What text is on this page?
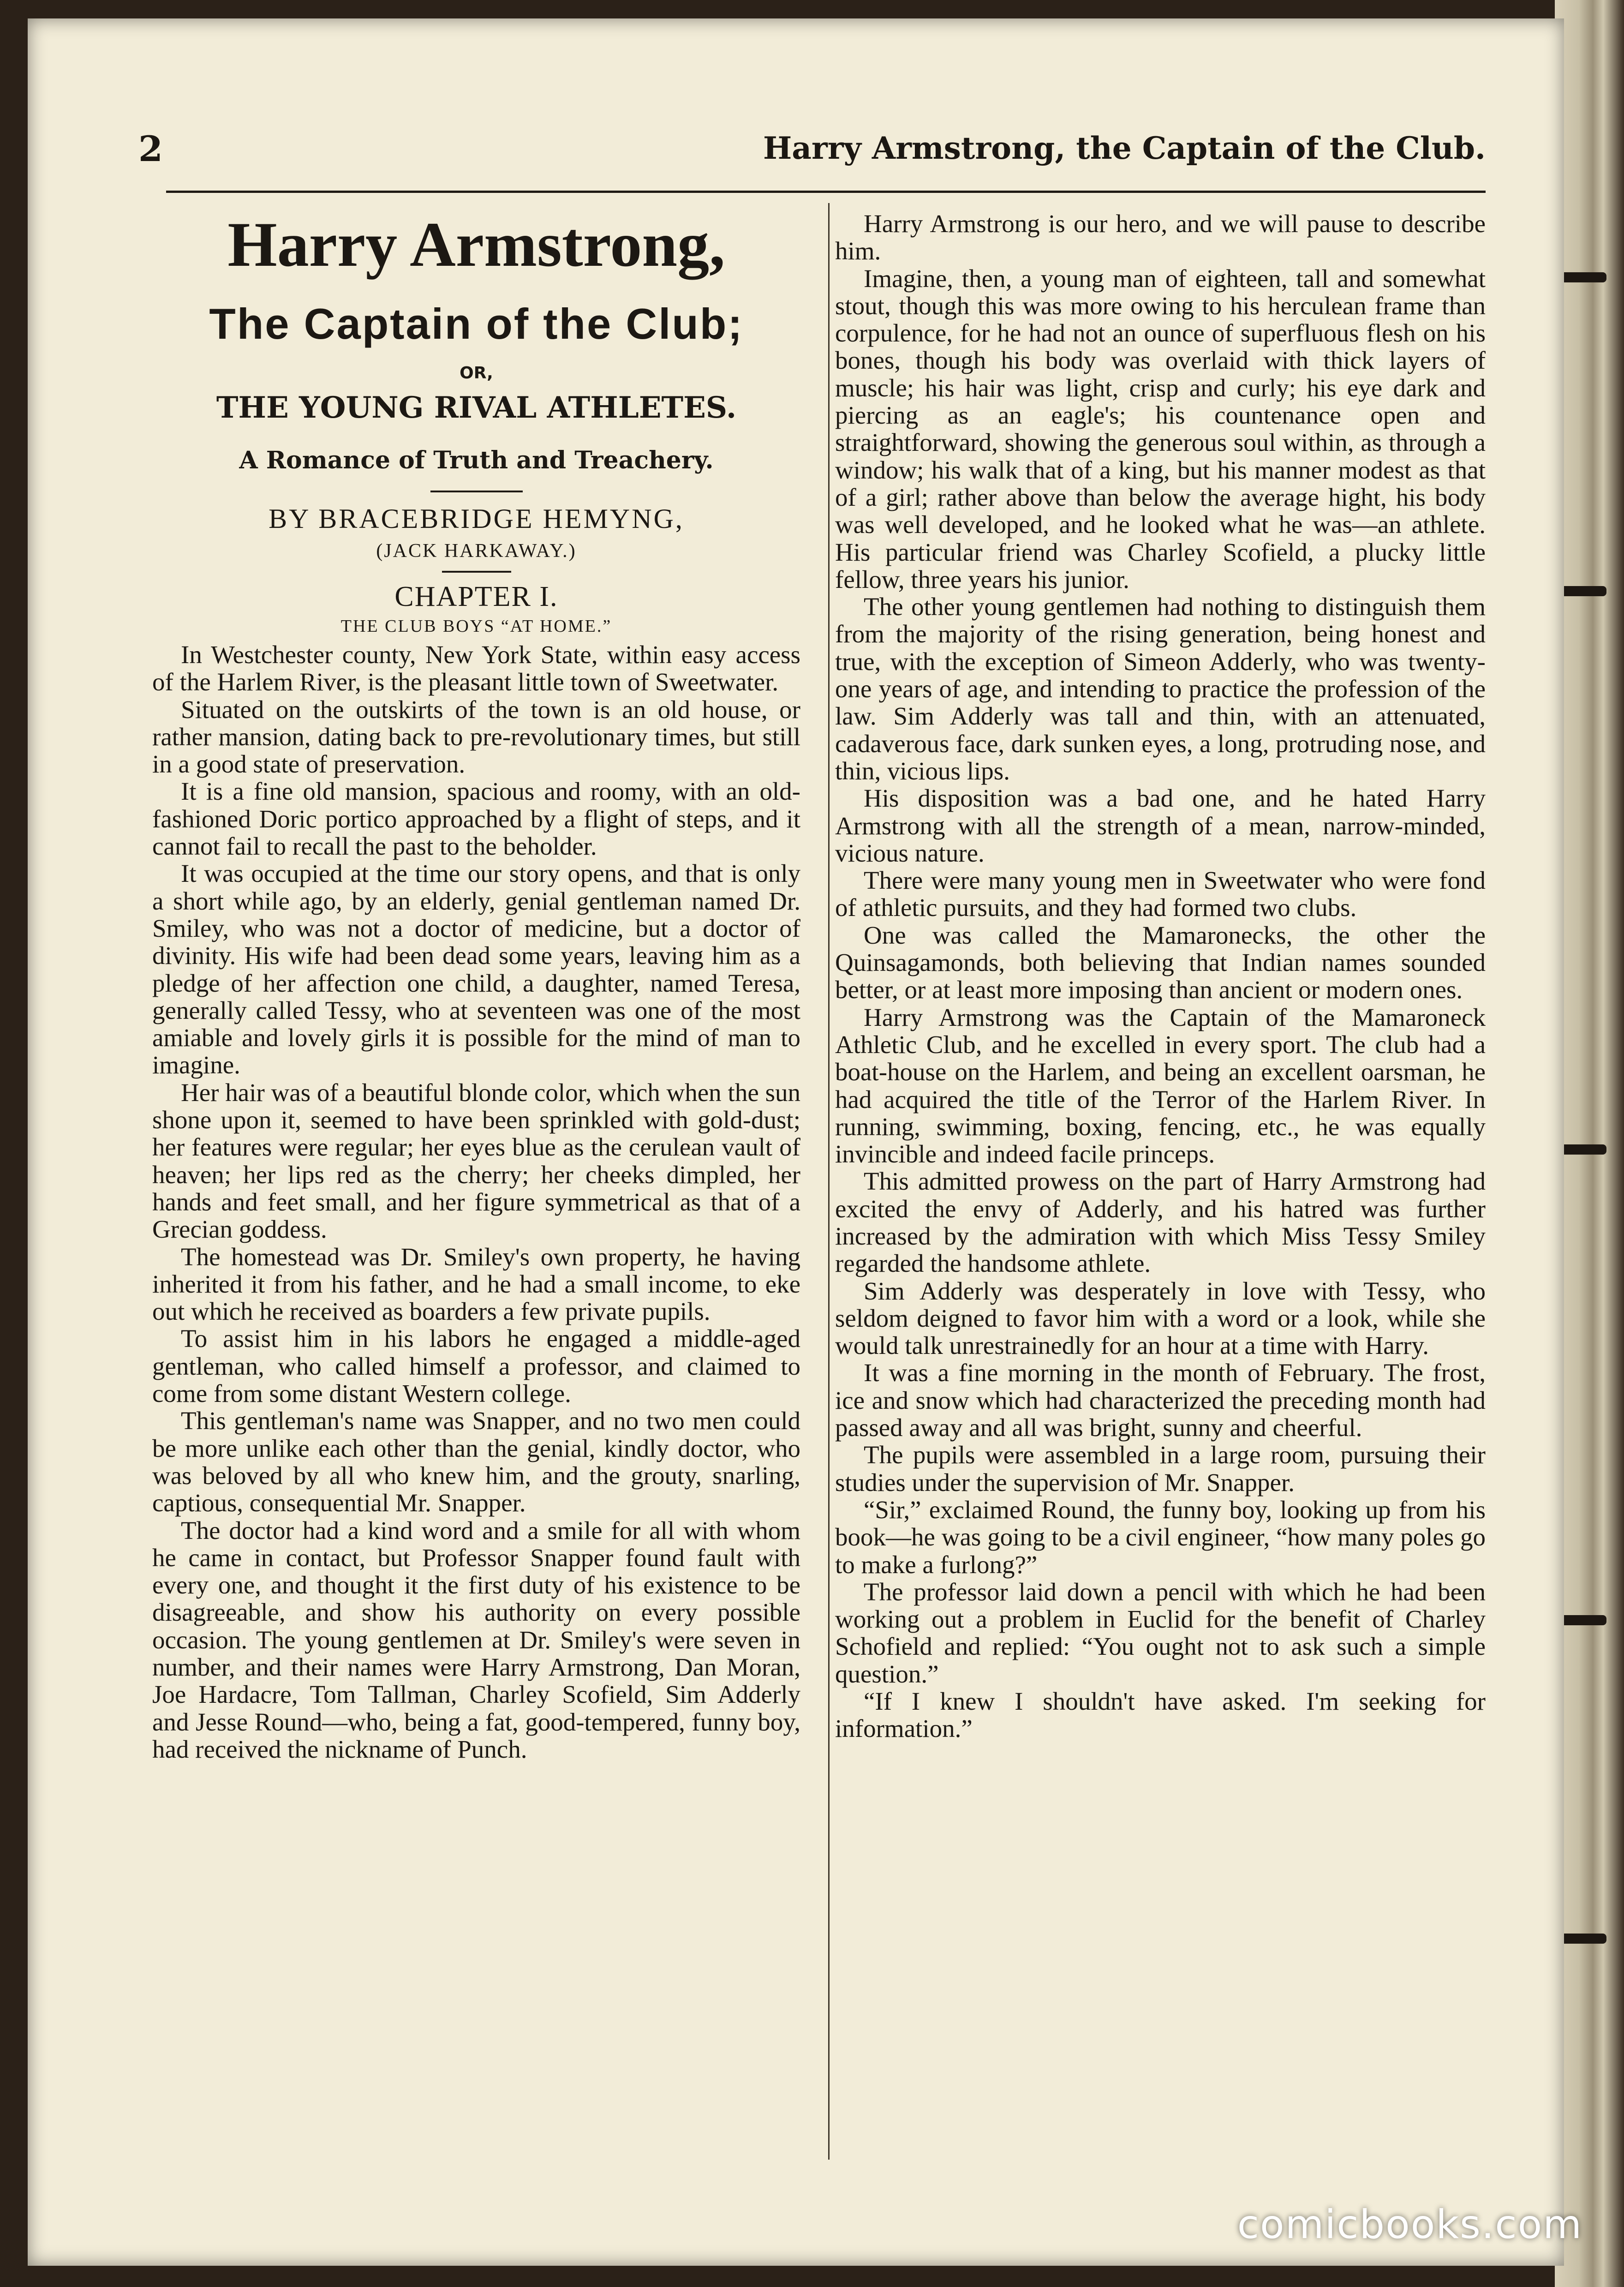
2	Harry Armstrong, the Captain of the Club.
Harry Armstrong,
The Captain of the Club;
OR,
THE YOUNG RIVAL ATHLETES.
A Romance of Truth and Treachery.
BY BRACEBRIDGE HEMYNG,
(JACK HARKAWAY.)
CHAPTER I.
THE CLUB BOYS “AT HOME.”

In Westchester county, New York State, within easy access of the Harlem River, is the pleasant little town of Sweetwater.

Situated on the outskirts of the town is an old house, or rather mansion, dating back to pre-revolutionary times, but still in a good state of preservation.

It is a fine old mansion, spacious and roomy, with an old-fashioned Doric portico approached by a flight of steps, and it cannot fail to recall the past to the beholder.

It was occupied at the time our story opens, and that is only a short while ago, by an elderly, genial gentleman named Dr. Smiley, who was not a doctor of medicine, but a doctor of divinity. His wife had been dead some years, leaving him as a pledge of her affection one child, a daughter, named Teresa, generally called Tessy, who at seventeen was one of the most amiable and lovely girls it is possible for the mind of man to imagine.

Her hair was of a beautiful blonde color, which when the sun shone upon it, seemed to have been sprinkled with gold-dust; her features were regular; her eyes blue as the cerulean vault of heaven; her lips red as the cherry; her cheeks dimpled, her hands and feet small, and her figure symmetrical as that of a Grecian goddess.

The homestead was Dr. Smiley's own property, he having inherited it from his father, and he had a small income, to eke out which he received as boarders a few private pupils.

To assist him in his labors he engaged a middle-aged gentleman, who called himself a professor, and claimed to come from some distant Western college.

This gentleman's name was Snapper, and no two men could be more unlike each other than the genial, kindly doctor, who was beloved by all who knew him, and the grouty, snarling, captious, consequential Mr. Snapper.

The doctor had a kind word and a smile for all with whom he came in contact, but Professor Snapper found fault with every one, and thought it the first duty of his existence to be disagreeable, and show his authority on every possible occasion. The young gentlemen at Dr. Smiley's were seven in number, and their names were Harry Armstrong, Dan Moran, Joe Hardacre, Tom Tallman, Charley Scofield, Sim Adderly and Jesse Round—who, being a fat, good-tempered, funny boy, had received the nickname of Punch.

Harry Armstrong is our hero, and we will pause to describe him.

Imagine, then, a young man of eighteen, tall and somewhat stout, though this was more owing to his herculean frame than corpulence, for he had not an ounce of superfluous flesh on his bones, though his body was overlaid with thick layers of muscle; his hair was light, crisp and curly; his eye dark and piercing as an eagle's; his countenance open and straightforward, showing the generous soul within, as through a window; his walk that of a king, but his manner modest as that of a girl; rather above than below the average hight, his body was well developed, and he looked what he was—an athlete. His particular friend was Charley Scofield, a plucky little fellow, three years his junior.

The other young gentlemen had nothing to distinguish them from the majority of the rising generation, being honest and true, with the exception of Simeon Adderly, who was twenty-one years of age, and intending to practice the profession of the law. Sim Adderly was tall and thin, with an attenuated, cadaverous face, dark sunken eyes, a long, protruding nose, and thin, vicious lips.

His disposition was a bad one, and he hated Harry Armstrong with all the strength of a mean, narrow-minded, vicious nature.

There were many young men in Sweetwater who were fond of athletic pursuits, and they had formed two clubs.

One was called the Mamaronecks, the other the Quinsagamonds, both believing that Indian names sounded better, or at least more imposing than ancient or modern ones.

Harry Armstrong was the Captain of the Mamaroneck Athletic Club, and he excelled in every sport. The club had a boat-house on the Harlem, and being an excellent oarsman, he had acquired the title of the Terror of the Harlem River. In running, swimming, boxing, fencing, etc., he was equally invincible and indeed facile princeps.

This admitted prowess on the part of Harry Armstrong had excited the envy of Adderly, and his hatred was further increased by the admiration with which Miss Tessy Smiley regarded the handsome athlete.

Sim Adderly was desperately in love with Tessy, who seldom deigned to favor him with a word or a look, while she would talk unrestrainedly for an hour at a time with Harry.

It was a fine morning in the month of February. The frost, ice and snow which had characterized the preceding month had passed away and all was bright, sunny and cheerful.

The pupils were assembled in a large room, pursuing their studies under the supervision of Mr. Snapper.

“Sir,” exclaimed Round, the funny boy, looking up from his book—he was going to be a civil engineer, “how many poles go to make a furlong?”

The professor laid down a pencil with which he had been working out a problem in Euclid for the benefit of Charley Schofield and replied: “You ought not to ask such a simple question.”

“If I knew I shouldn't have asked. I'm seeking for information.”

comicbooks.com
